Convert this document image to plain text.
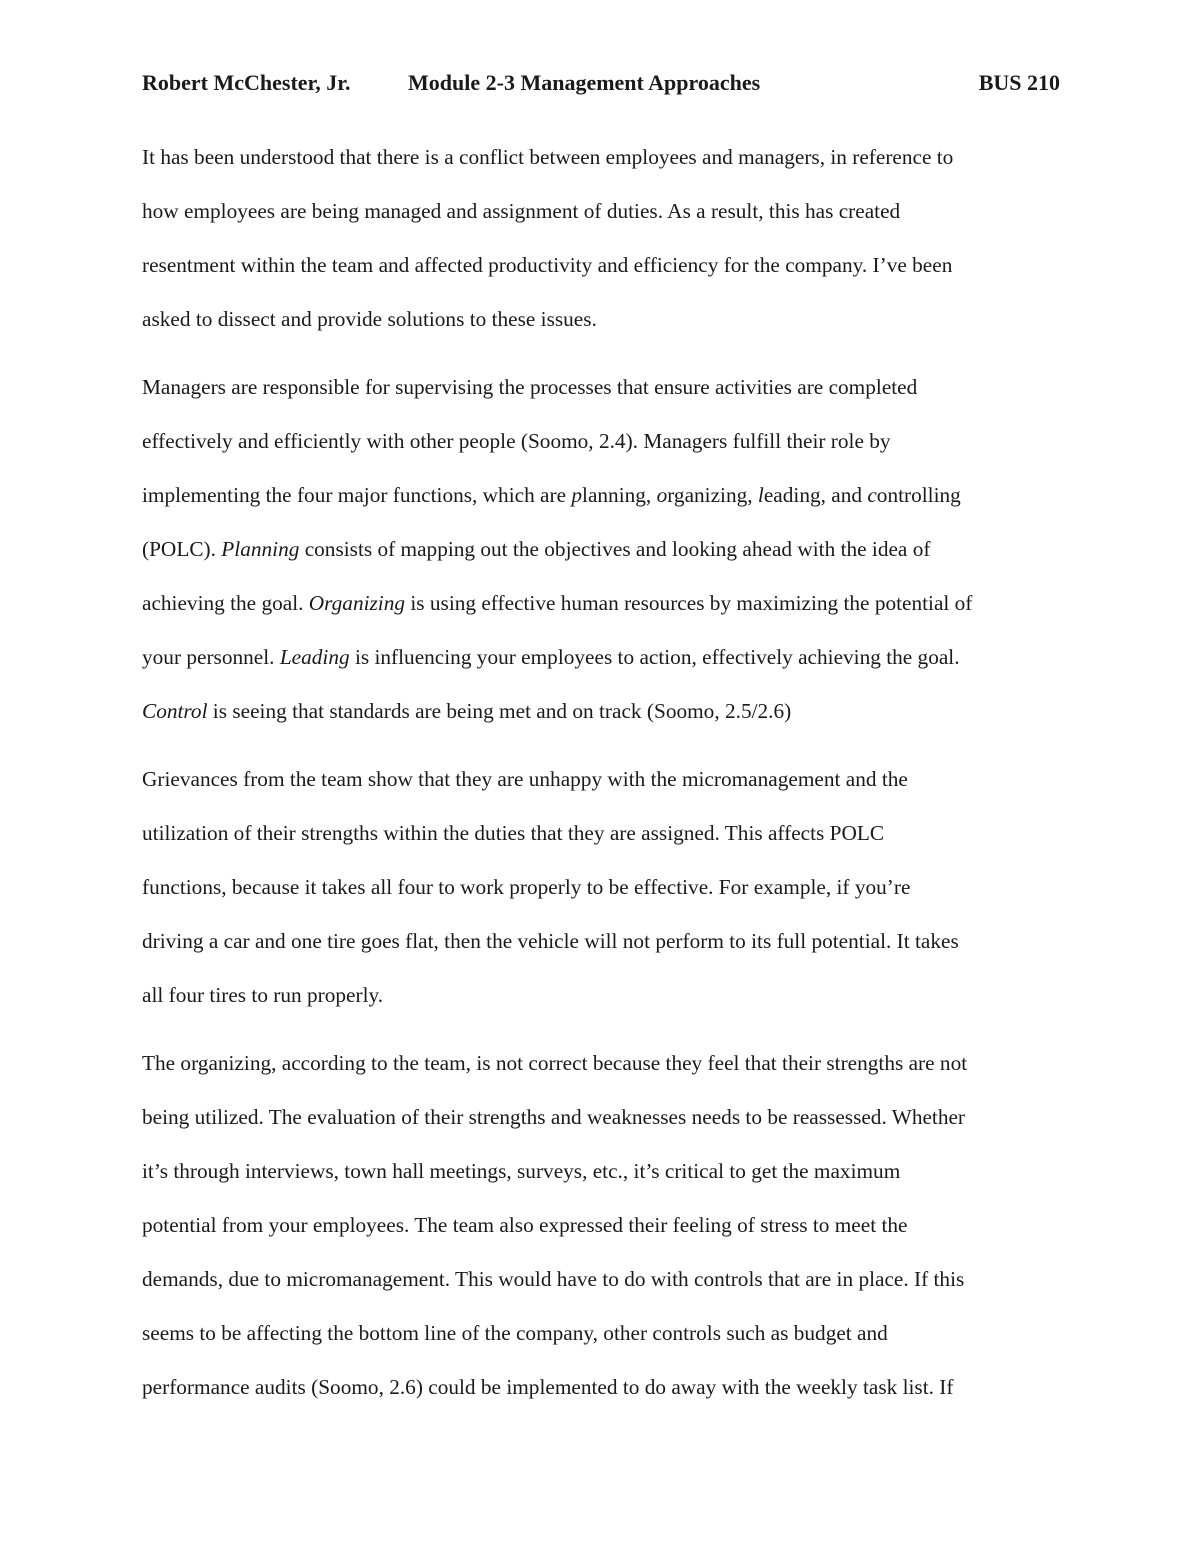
Robert McChester, Jr.	Module 2-3 Management Approaches	BUS 210

It has been understood that there is a conflict between employees and managers, in reference to
how employees are being managed and assignment of duties. As a result, this has created
resentment within the team and affected productivity and efficiency for the company. I’ve been
asked to dissect and provide solutions to these issues.

Managers are responsible for supervising the processes that ensure activities are completed
effectively and efficiently with other people (Soomo, 2.4). Managers fulfill their role by
implementing the four major functions, which are planning, organizing, leading, and controlling
(POLC). Planning consists of mapping out the objectives and looking ahead with the idea of
achieving the goal. Organizing is using effective human resources by maximizing the potential of
your personnel. Leading is influencing your employees to action, effectively achieving the goal.
Control is seeing that standards are being met and on track (Soomo, 2.5/2.6)

Grievances from the team show that they are unhappy with the micromanagement and the
utilization of their strengths within the duties that they are assigned. This affects POLC
functions, because it takes all four to work properly to be effective. For example, if you’re
driving a car and one tire goes flat, then the vehicle will not perform to its full potential. It takes
all four tires to run properly.

The organizing, according to the team, is not correct because they feel that their strengths are not
being utilized. The evaluation of their strengths and weaknesses needs to be reassessed. Whether
it’s through interviews, town hall meetings, surveys, etc., it’s critical to get the maximum
potential from your employees. The team also expressed their feeling of stress to meet the
demands, due to micromanagement. This would have to do with controls that are in place. If this
seems to be affecting the bottom line of the company, other controls such as budget and
performance audits (Soomo, 2.6) could be implemented to do away with the weekly task list. If
